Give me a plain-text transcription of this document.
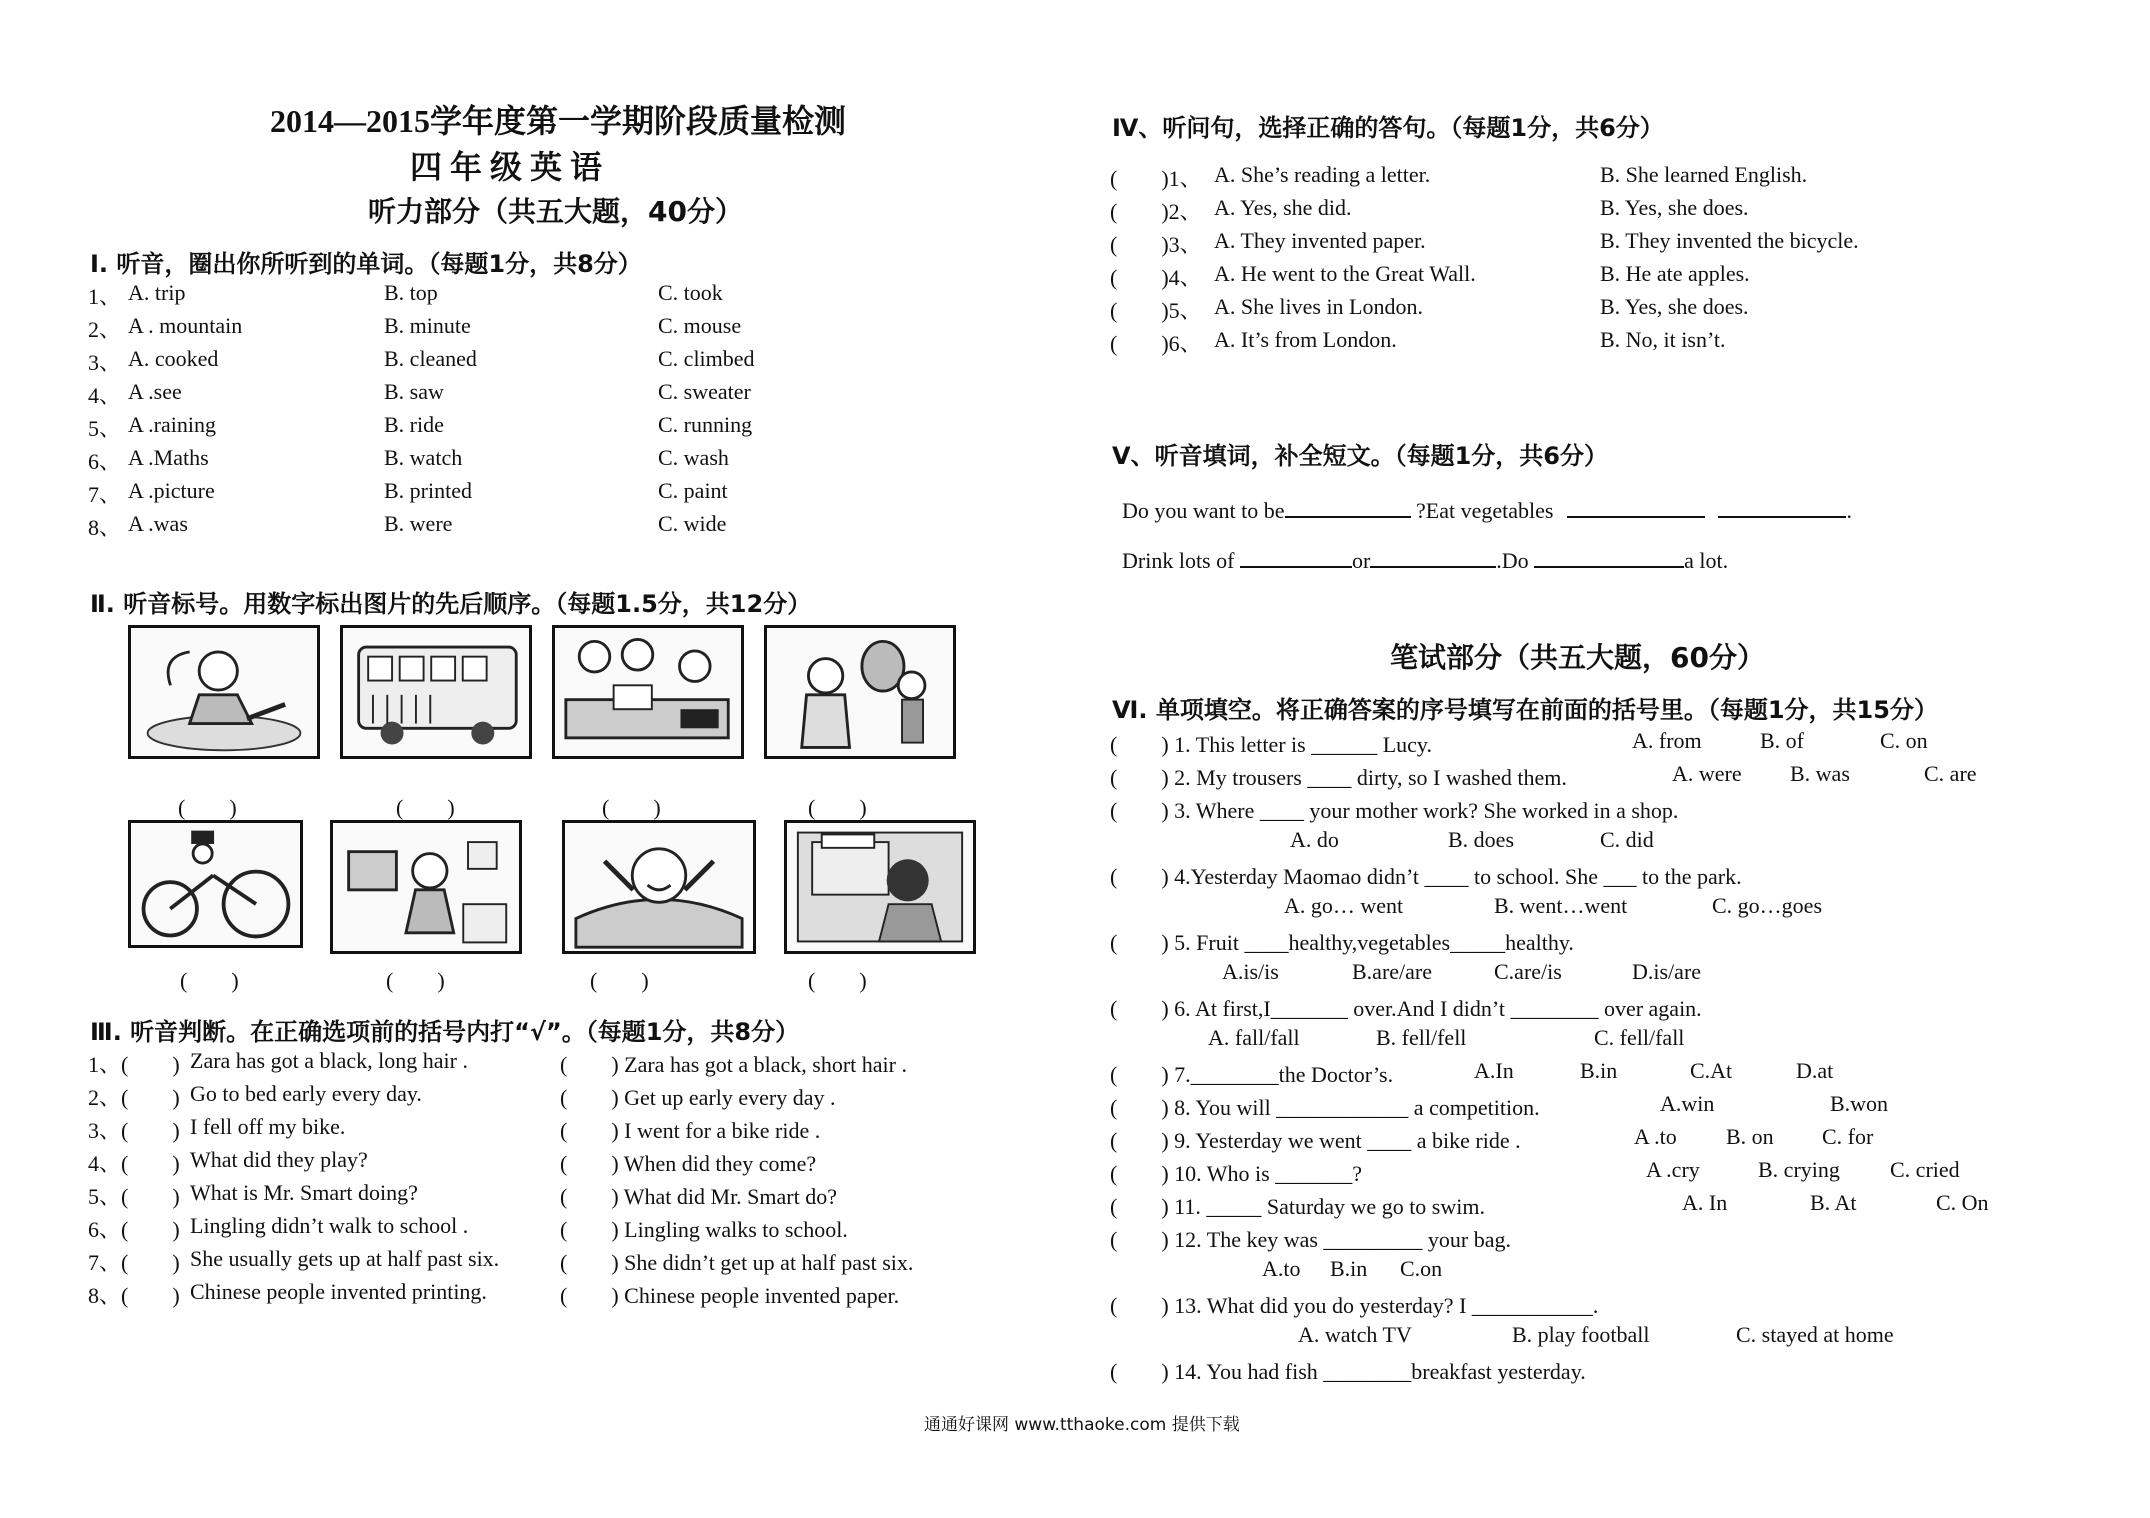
2014—2015学年度第一学期阶段质量检测
四 年 级 英 语
听力部分（共五大题，40分）
Ⅰ. 听音，圈出你所听到的单词。（每题1分，共8分）
1、 A. trip	B. top	C. took
2、 A . mountain	B. minute	C. mouse
3、 A. cooked	B. cleaned	C. climbed
4、 A .see	B. saw	C. sweater
5、 A .raining	B. ride	C. running
6、 A .Maths	B. watch	C. wash
7、 A .picture	B. printed	C. paint
8、 A .was	B. were	C. wide
Ⅱ. 听音标号。用数字标出图片的先后顺序。（每题1.5分，共12分）
(　　)	(　　)	(　　)	(　　)
(　　)	(　　)	(　　)	(　　)
Ⅲ. 听音判断。在正确选项前的括号内打“√”。（每题1分，共8分）
1、(　　) Zara has got a black, long hair .	(　　) Zara has got a black, short hair .
2、(　　) Go to bed early every day.	(　　) Get up early every day .
3、(　　) I fell off my bike.	(　　) I went for a bike ride .
4、(　　) What did they play?	(　　) When did they come?
5、(　　) What is Mr. Smart doing?	(　　) What did Mr. Smart do?
6、(　　) Lingling didn’t walk to school .	(　　) Lingling walks to school.
7、(　　) She usually gets up at half past six.	(　　) She didn’t get up at half past six.
8、(　　) Chinese people invented printing.	(　　) Chinese people invented paper.
Ⅳ、听问句，选择正确的答句。（每题1分，共6分）
(　　)1、 A. She’s reading a letter.	B. She learned English.
(　　)2、 A. Yes, she did.	B. Yes, she does.
(　　)3、 A. They invented paper.	B. They invented the bicycle.
(　　)4、 A. He went to the Great Wall.	B. He ate apples.
(　　)5、 A. She lives in London.	B. Yes, she does.
(　　)6、 A. It’s from London.	B. No, it isn’t.
Ⅴ、听音填词，补全短文。（每题1分，共6分）
Do you want to be	?Eat vegetables	.
Drink lots of	or	.Do	a lot.
笔试部分（共五大题，60分）
Ⅵ. 单项填空。将正确答案的序号填写在前面的括号里。（每题1分，共15分）
(　　) 1. This letter is ______ Lucy.	A. from	B. of	C. on
(　　) 2. My trousers ____ dirty, so I washed them.	A. were B. was	C. are
(　　) 3. Where ____ your mother work? She worked in a shop.
A. do	B. does	C. did
(　　) 4.Yesterday Maomao didn’t ____ to school. She ___ to the park.
A. go… went	B. went…went	C. go…goes
(　　) 5. Fruit ____healthy,vegetables_____healthy.
A.is/is	B.are/are	C.are/is	D.is/are
(　　) 6. At first,I_______ over.And I didn’t ________ over again.
A. fall/fall	B. fell/fell	C. fell/fall
(　　) 7.________the Doctor’s.	A.In	B.in	C.At	D.at
(　　) 8. You will ____________ a competition.	A.win	B.won
(　　) 9. Yesterday we went ____ a bike ride .	A .to B. on C. for
(　　) 10. Who is _______?	A .cry	B. crying C. cried
(　　) 11. _____ Saturday we go to swim.	A. In	B. At	C. On
(　　) 12. The key was _________ your bag.
A.to B.in C.on
(　　) 13. What did you do yesterday? I ___________.
A. watch TV	B. play football	C. stayed at home
(　　) 14. You had fish ________breakfast yesterday.
通通好课网 www.tthaoke.com 提供下载
